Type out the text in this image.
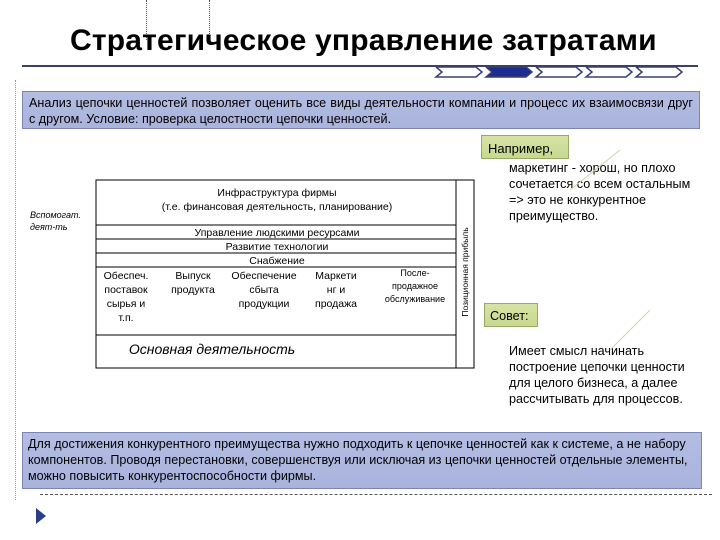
Стратегическое управление затратами
Анализ цепочки ценностей позволяет оценить все виды деятельности компании и процесс их взаимосвязи друг с другом. Условие: проверка целостности цепочки ценностей.
Вспомогат. деят-ть
Инфраструктура фирмы
(т.е. финансовая деятельность, планирование)
Управление людскими ресурсами
Развитие технологии
Снабжение
Обеспеч.
поставок
сырья и
т.п.
Выпуск
продукта
Обеспечение
сбыта
продукции
Маркети
нг и
продажа
После-
продажное
обслуживание
Основная деятельность
Позиционная прибыль
Например,
маркетинг - хорош, но плохо сочетается со всем остальным => это не конкурентное преимущество.
Совет:
Имеет смысл начинать построение цепочки ценности для целого бизнеса, а далее рассчитывать для процессов.
Для достижения конкурентного преимущества нужно подходить к цепочке ценностей как к системе, а не набору компонентов. Проводя перестановки, совершенствуя или исключая из цепочки ценностей отдельные элементы, можно повысить конкурентоспособности фирмы.
